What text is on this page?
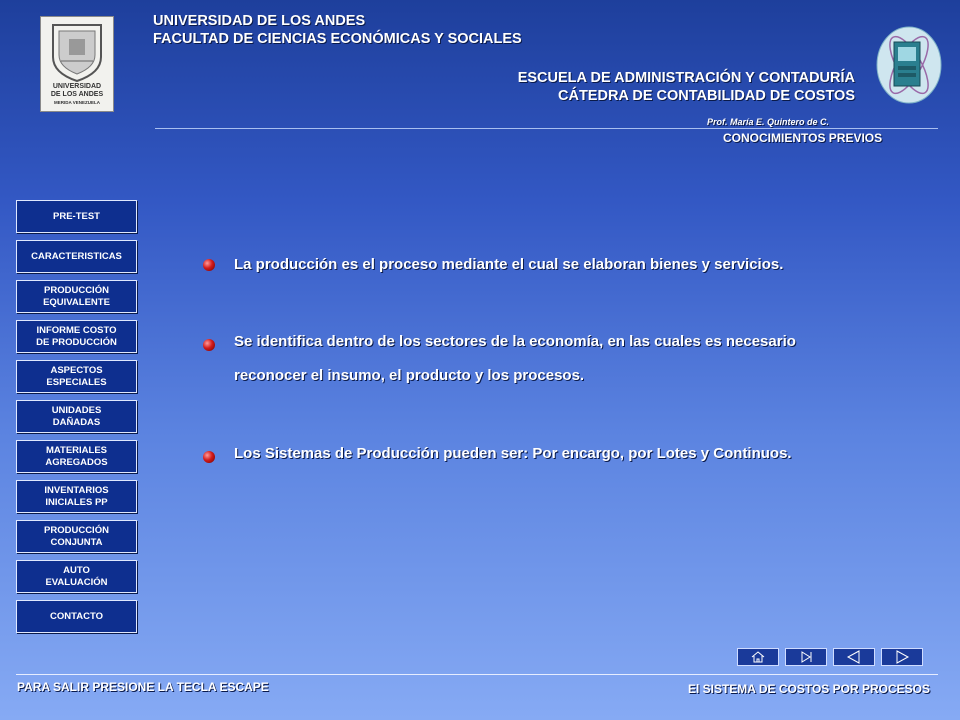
UNIVERSIDAD
DE LOS ANDES
MERIDA VENEZUELA
UNIVERSIDAD DE LOS ANDES
FACULTAD DE CIENCIAS ECONÓMICAS Y SOCIALES
ESCUELA DE ADMINISTRACIÓN Y CONTADURÍA
CÁTEDRA DE CONTABILIDAD DE COSTOS
Prof. María E. Quintero de C.
CONOCIMIENTOS PREVIOS
PRE-TEST
CARACTERISTICAS
PRODUCCIÓN
EQUIVALENTE
INFORME COSTO
DE PRODUCCIÓN
ASPECTOS
ESPECIALES
UNIDADES
DAÑADAS
MATERIALES
AGREGADOS
INVENTARIOS
INICIALES PP
PRODUCCIÓN
CONJUNTA
AUTO
EVALUACIÓN
CONTACTO
La producción es el proceso mediante el cual se elaboran bienes y servicios.
Se identifica dentro de los sectores de la economía, en las cuales es necesario
reconocer el insumo, el producto y los procesos.
Los Sistemas de Producción pueden ser: Por encargo, por Lotes y Continuos.
PARA SALIR PRESIONE LA TECLA ESCAPE	El SISTEMA DE COSTOS POR PROCESOS
